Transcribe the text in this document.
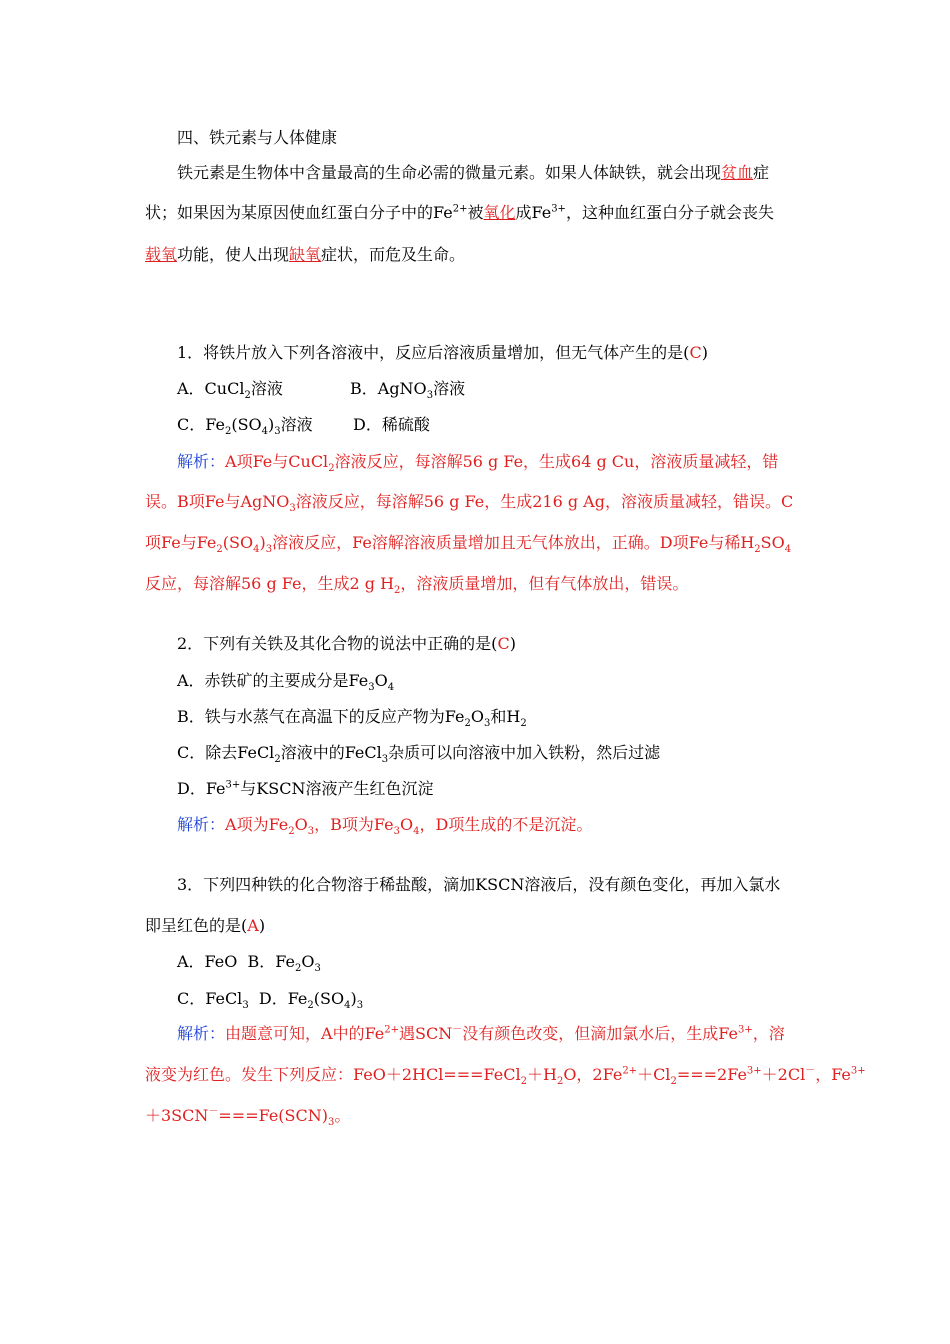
四、铁元素与人体健康
铁元素是生物体中含量最高的生命必需的微量元素。如果人体缺铁，就会出现贫血症
状；如果因为某原因使血红蛋白分子中的$Fe^{2+}$被氧化成$Fe^{3+}$，这种血红蛋白分子就会丧失
载氧功能，使人出现缺氧症状，而危及生命。
1．将铁片放入下列各溶液中，反应后溶液质量增加，但无气体产生的是(C)
A．CuCl$_2$溶液	B．AgNO$_3$溶液
C．$Fe_2(SO_4)_3$溶液	D．稀硫酸
解析：A项Fe与CuCl$_2$溶液反应，每溶解56 g Fe，生成64 g Cu，溶液质量减轻，错
误。B项Fe与AgNO$_3$溶液反应，每溶解56 g Fe，生成216 g Ag，溶液质量减轻，错误。C
项Fe与$Fe_2(SO_4)_3$溶液反应，Fe溶解溶液质量增加且无气体放出，正确。D项Fe与稀$H_2SO_4$
反应，每溶解56 g Fe，生成2 g $H_2$，溶液质量增加，但有气体放出，错误。
2．下列有关铁及其化合物的说法中正确的是(C)
A．赤铁矿的主要成分是$Fe_3O_4$
B．铁与水蒸气在高温下的反应产物为$Fe_2O_3$和$H_2$
C．除去FeCl$_2$溶液中的FeCl$_3$杂质可以向溶液中加入铁粉，然后过滤
D．$Fe^{3+}$与KSCN溶液产生红色沉淀
解析：A项为$Fe_2O_3$，B项为$Fe_3O_4$，D项生成的不是沉淀。
3．下列四种铁的化合物溶于稀盐酸，滴加KSCN溶液后，没有颜色变化，再加入氯水
即呈红色的是(A)
A．FeO B．$Fe_2O_3$
C．FeCl$_3$ D．$Fe_2(SO_4)_3$
解析：由题意可知，A中的$Fe^{2+}$遇SCN－没有颜色改变，但滴加氯水后，生成$Fe^{3+}$，溶
液变为红色。发生下列反应：$FeO+2HCl===FeCl_2+H_2O$，$2Fe^{2+}+Cl_2===2Fe^{3+}+2Cl^-$，$Fe^{3+}$
$+3SCN^-===Fe(SCN)_3$。
